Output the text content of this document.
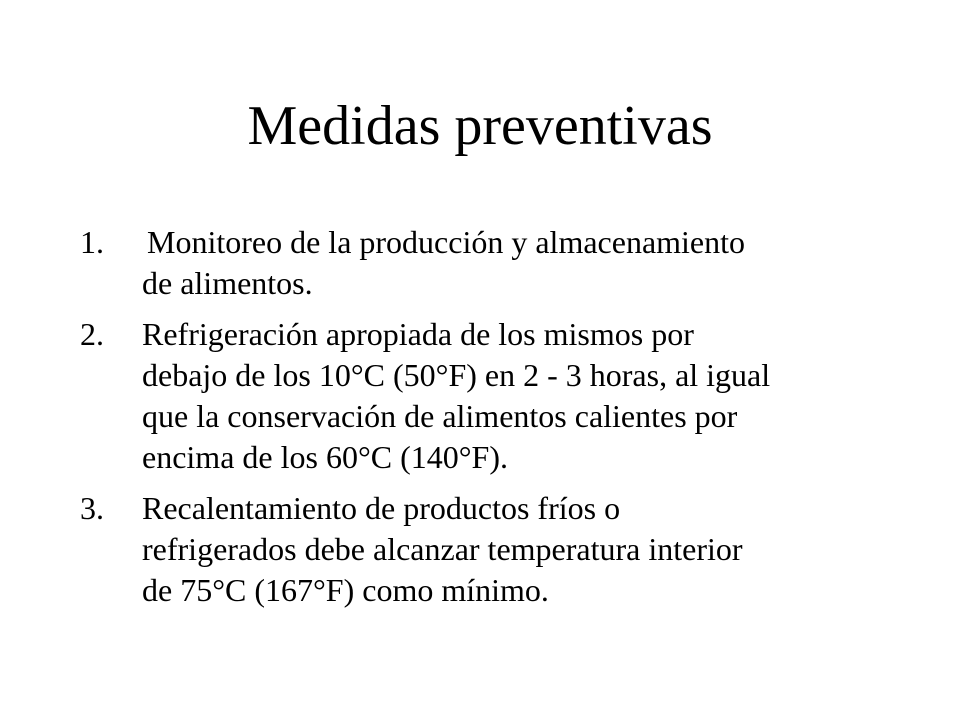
Medidas preventivas
1.	Monitoreo de la producción y almacenamiento
de alimentos.
2.	Refrigeración apropiada de los mismos por
debajo de los 10°C (50°F) en 2 - 3 horas, al igual
que la conservación de alimentos calientes por
encima de los 60°C (140°F).
3.	Recalentamiento de productos fríos o
refrigerados debe alcanzar temperatura interior
de 75°C (167°F) como mínimo.
